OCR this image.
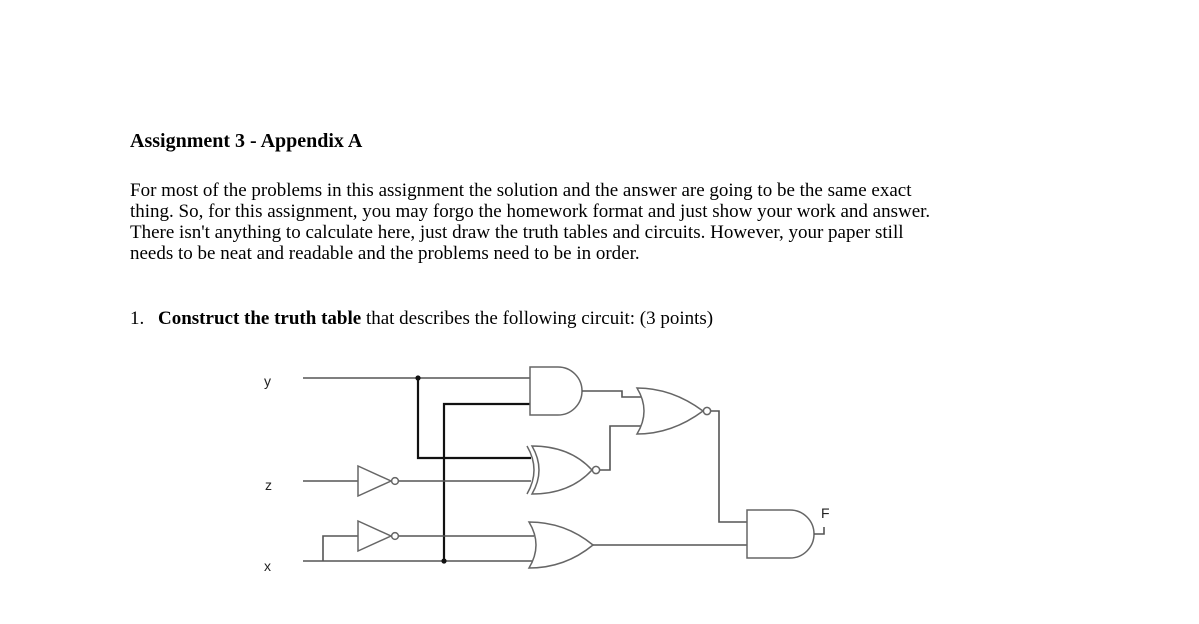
Assignment 3 - Appendix A
For most of the problems in this assignment the solution and the answer are going to be the same exact
thing. So, for this assignment, you may forgo the homework format and just show your work and answer.
There isn't anything to calculate here, just draw the truth tables and circuits. However, your paper still
needs to be neat and readable and the problems need to be in order.
1. Construct the truth table that describes the following circuit: (3 points)
y
z
x
F
